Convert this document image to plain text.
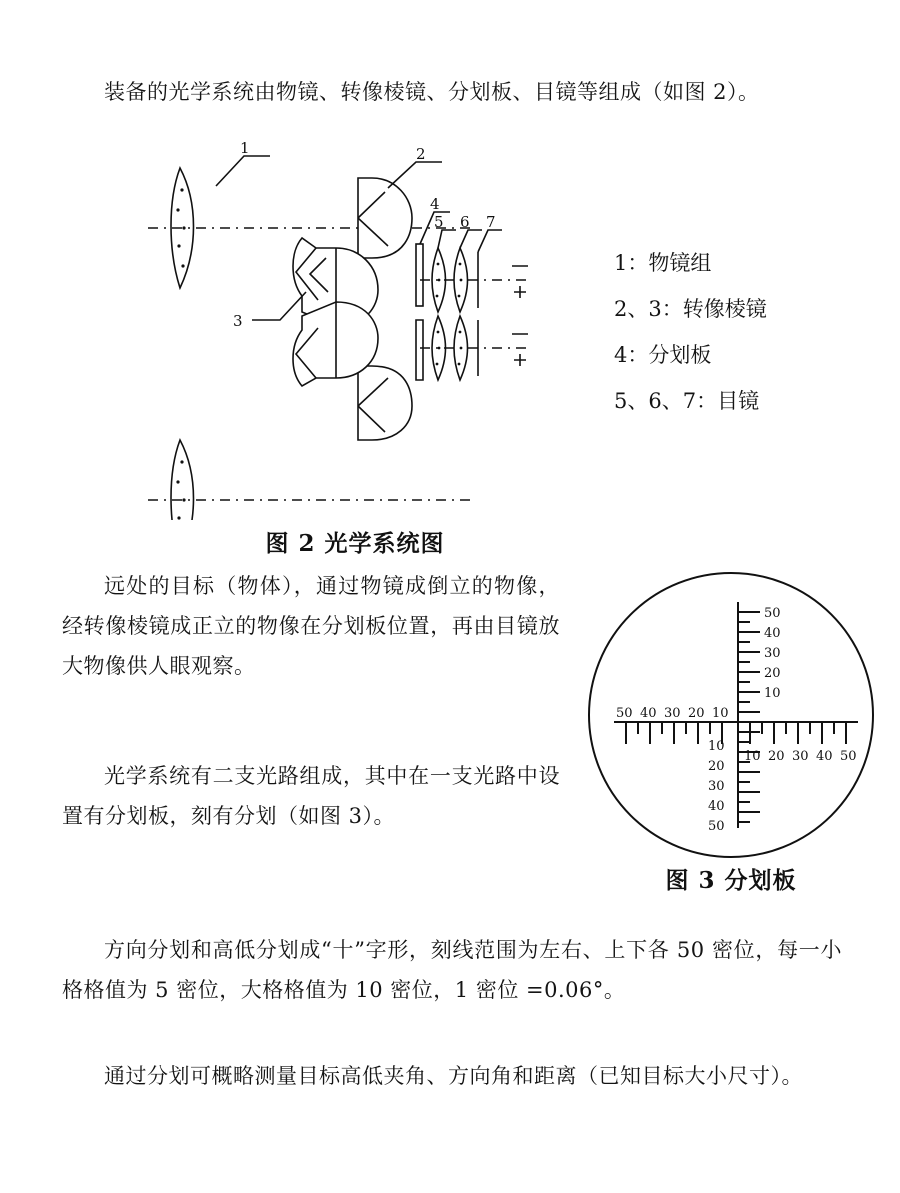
装备的光学系统由物镜、转像棱镜、分划板、目镜等组成（如图 2）。
1	2
3
4
5 6 7
图 2 光学系统图
1：物镜组
2、3：转像棱镜
4：分划板
5、6、7：目镜
远处的目标（物体），通过物镜成倒立的物像，经转像棱镜成正立的物像在分划板位置，再由目镜放大物像供人眼观察。
光学系统有二支光路组成，其中在一支光路中设置有分划板，刻有分划（如图 3）。
50
40
30
20
10
10
20
30
40
50
50 40 30 20 10
10 20 30 40 50
图 3 分划板
方向分划和高低分划成“十”字形，刻线范围为左右、上下各 50 密位，每一小格格值为 5 密位，大格格值为 10 密位，1 密位 =0.06°。
通过分划可概略测量目标高低夹角、方向角和距离（已知目标大小尺寸）。
